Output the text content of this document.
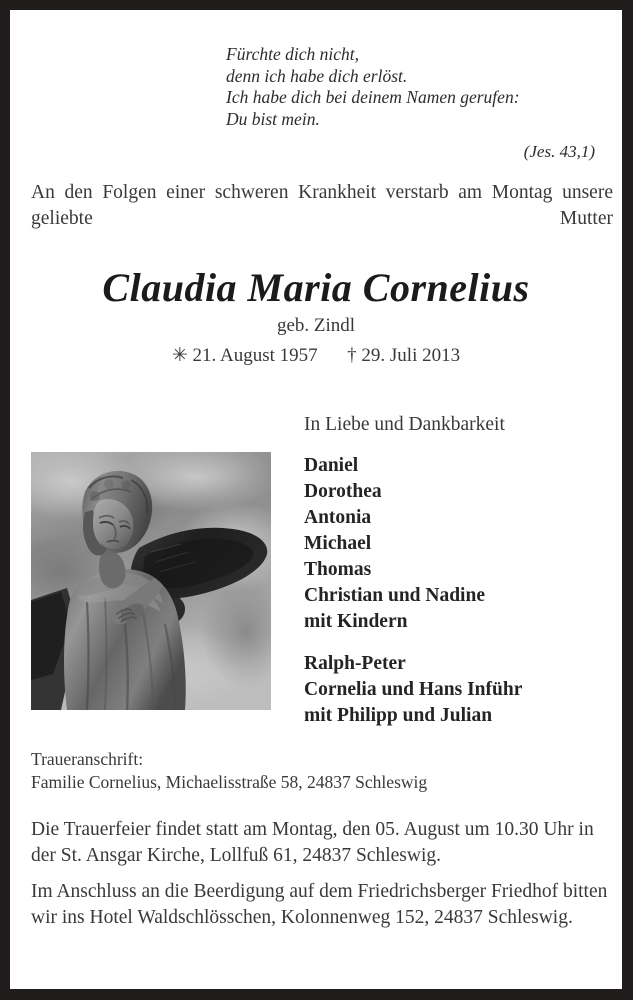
Fürchte dich nicht,
denn ich habe dich erlöst.
Ich habe dich bei deinem Namen gerufen:
Du bist mein.
(Jes. 43,1)
An den Folgen einer schweren Krankheit verstarb am Montag unsere geliebte Mutter
Claudia Maria Cornelius
geb. Zindl
✳ 21. August 1957 † 29. Juli 2013
In Liebe und Dankbarkeit
Daniel
Dorothea
Antonia
Michael
Thomas
Christian und Nadine
mit Kindern
Ralph-Peter
Cornelia und Hans Inführ
mit Philipp und Julian
Traueranschrift:
Familie Cornelius, Michaelisstraße 58, 24837 Schleswig
Die Trauerfeier findet statt am Montag, den 05. August um 10.30 Uhr in der St. Ansgar Kirche, Lollfuß 61, 24837 Schleswig.
Im Anschluss an die Beerdigung auf dem Friedrichsberger Friedhof bitten wir ins Hotel Waldschlösschen, Kolonnenweg 152, 24837 Schleswig.
